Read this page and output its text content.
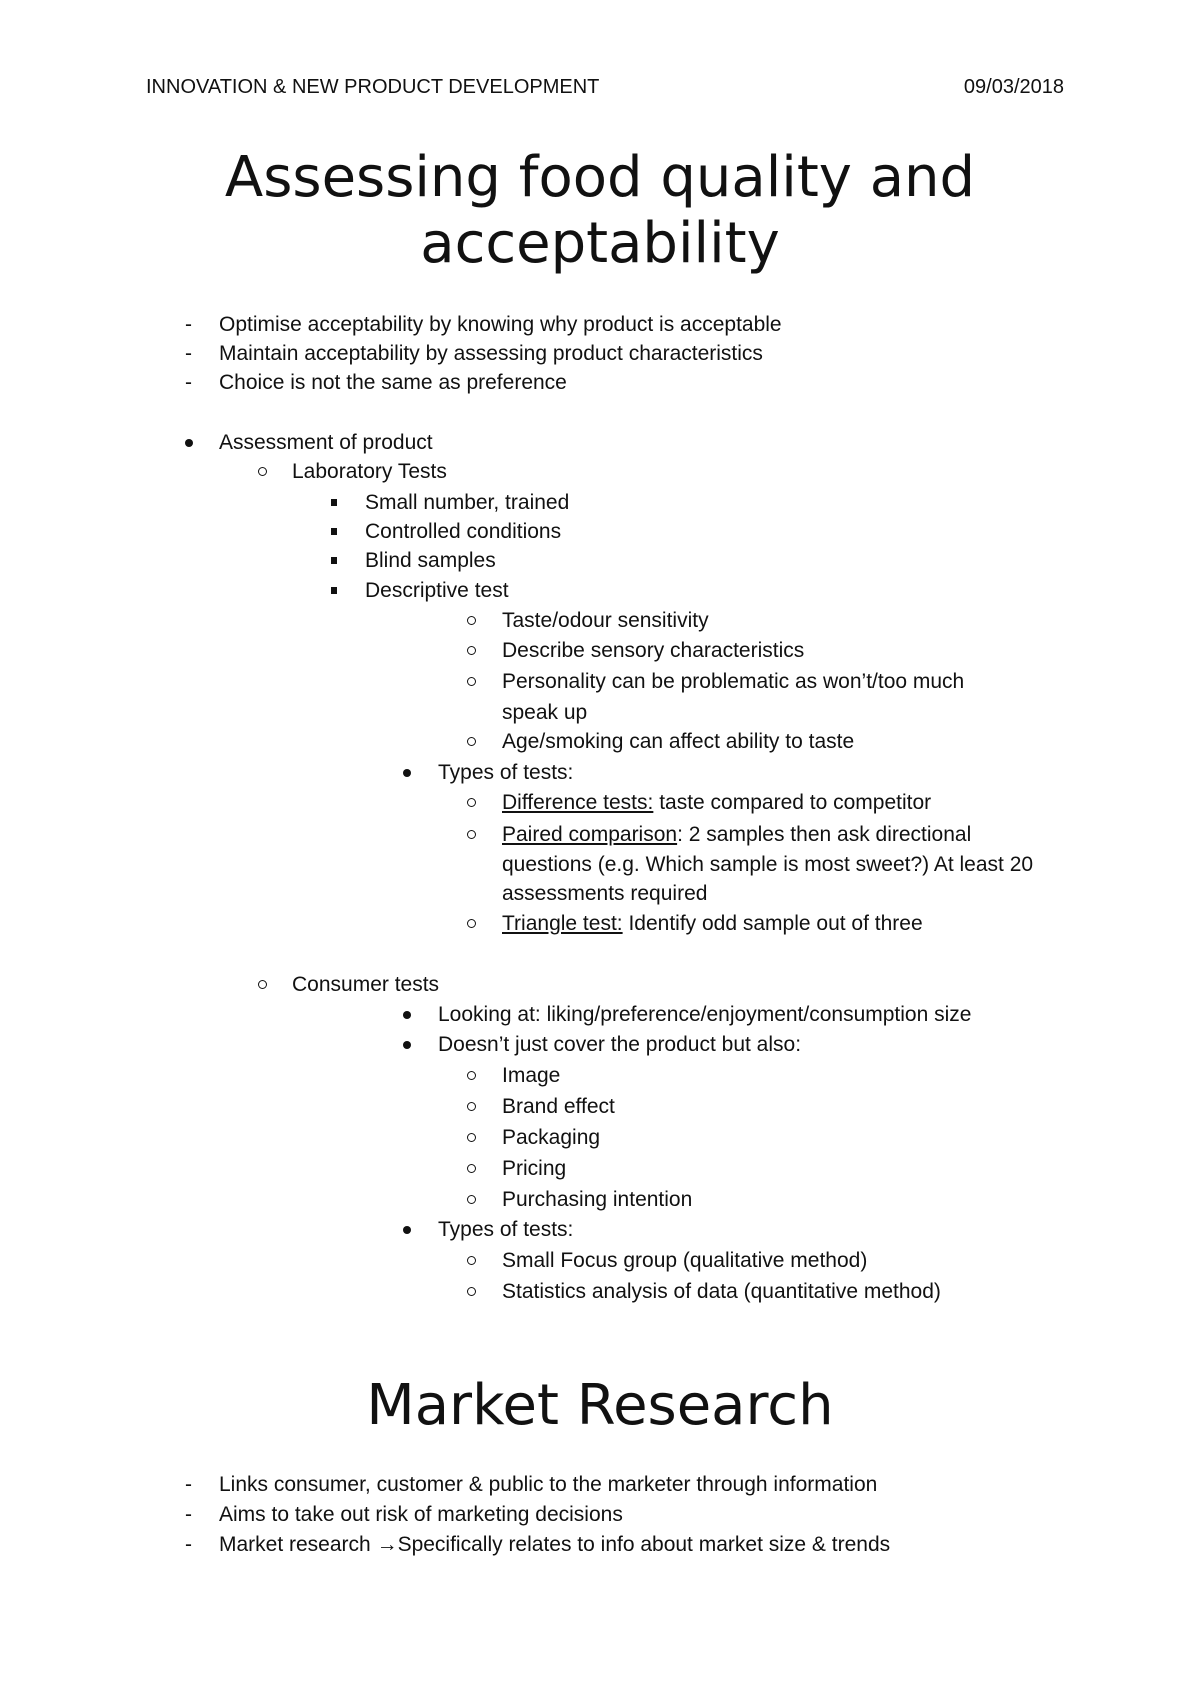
INNOVATION & NEW PRODUCT DEVELOPMENT	09/03/2018
Assessing food quality and
acceptability
-	Optimise acceptability by knowing why product is acceptable
-	Maintain acceptability by assessing product characteristics
-	Choice is not the same as preference
Assessment of product
Laboratory Tests
Small number, trained
Controlled conditions
Blind samples
Descriptive test
Taste/odour sensitivity
Describe sensory characteristics
Personality can be problematic as won’t/too much
speak up
Age/smoking can affect ability to taste
Types of tests:
Difference tests: taste compared to competitor
Paired comparison: 2 samples then ask directional
questions (e.g. Which sample is most sweet?) At least 20
assessments required
Triangle test: Identify odd sample out of three
Consumer tests
Looking at: liking/preference/enjoyment/consumption size
Doesn’t just cover the product but also:
Image
Brand effect
Packaging
Pricing
Purchasing intention
Types of tests:
Small Focus group (qualitative method)
Statistics analysis of data (quantitative method)
Market Research
-	Links consumer, customer & public to the marketer through information
-	Aims to take out risk of marketing decisions
-	Market research →Specifically relates to info about market size & trends
